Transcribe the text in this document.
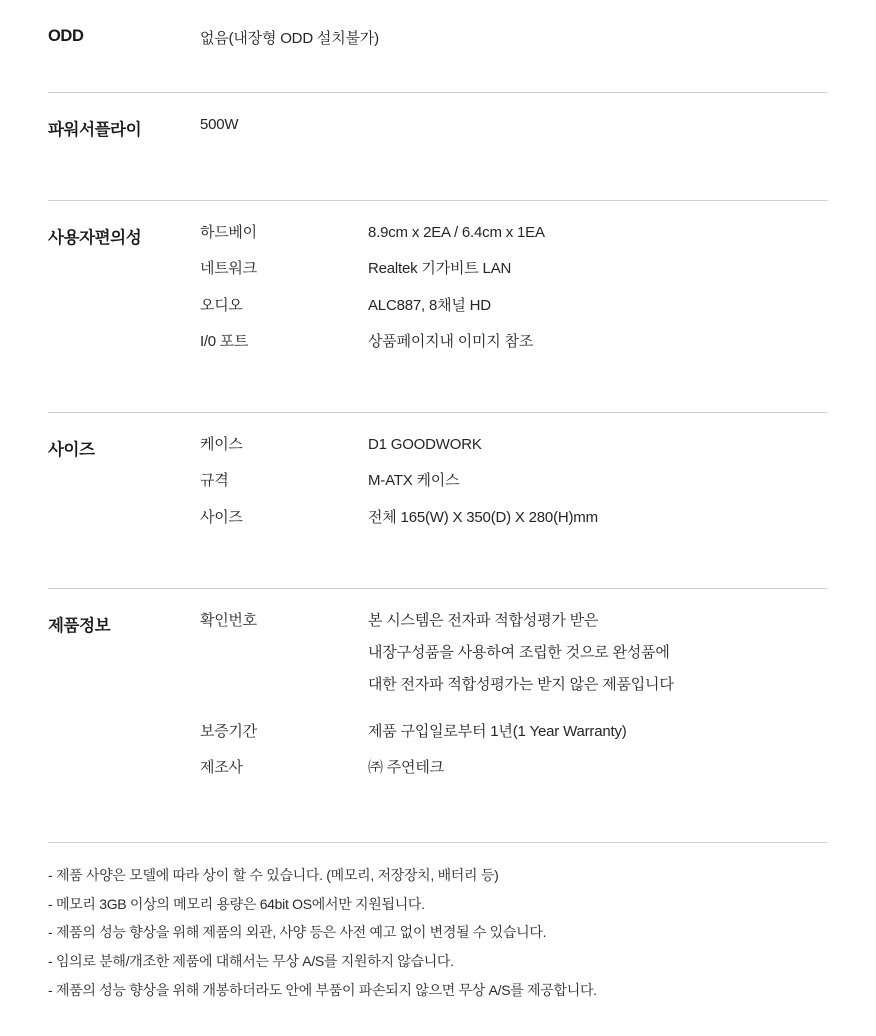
ODD	없음(내장형 ODD 설치불가)
파워서플라이	500W
사용자편의성	하드베이	8.9cm x 2EA / 6.4cm x 1EA
네트워크	Realtek 기가비트 LAN
오디오	ALC887, 8채널 HD
I/0 포트	상품페이지내 이미지 참조
사이즈	케이스	D1 GOODWORK
규격	M-ATX 케이스
사이즈	전체 165(W) X 350(D) X 280(H)mm
제품정보	확인번호	본 시스템은 전자파 적합성평가 받은
내장구성품을 사용하여 조립한 것으로 완성품에
대한 전자파 적합성평가는 받지 않은 제품입니다
보증기간	제품 구입일로부터 1년(1 Year Warranty)
제조사	㈜ 주연테크
- 제품 사양은 모델에 따라 상이 할 수 있습니다. (메모리, 저장장치, 배터리 등)
- 메모리 3GB 이상의 메모리 용량은 64bit OS에서만 지원됩니다.
- 제품의 성능 향상을 위해 제품의 외관, 사양 등은 사전 예고 없이 변경될 수 있습니다.
- 임의로 분해/개조한 제품에 대해서는 무상 A/S를 지원하지 않습니다.
- 제품의 성능 향상을 위해 개봉하더라도 안에 부품이 파손되지 않으면 무상 A/S를 제공합니다.
